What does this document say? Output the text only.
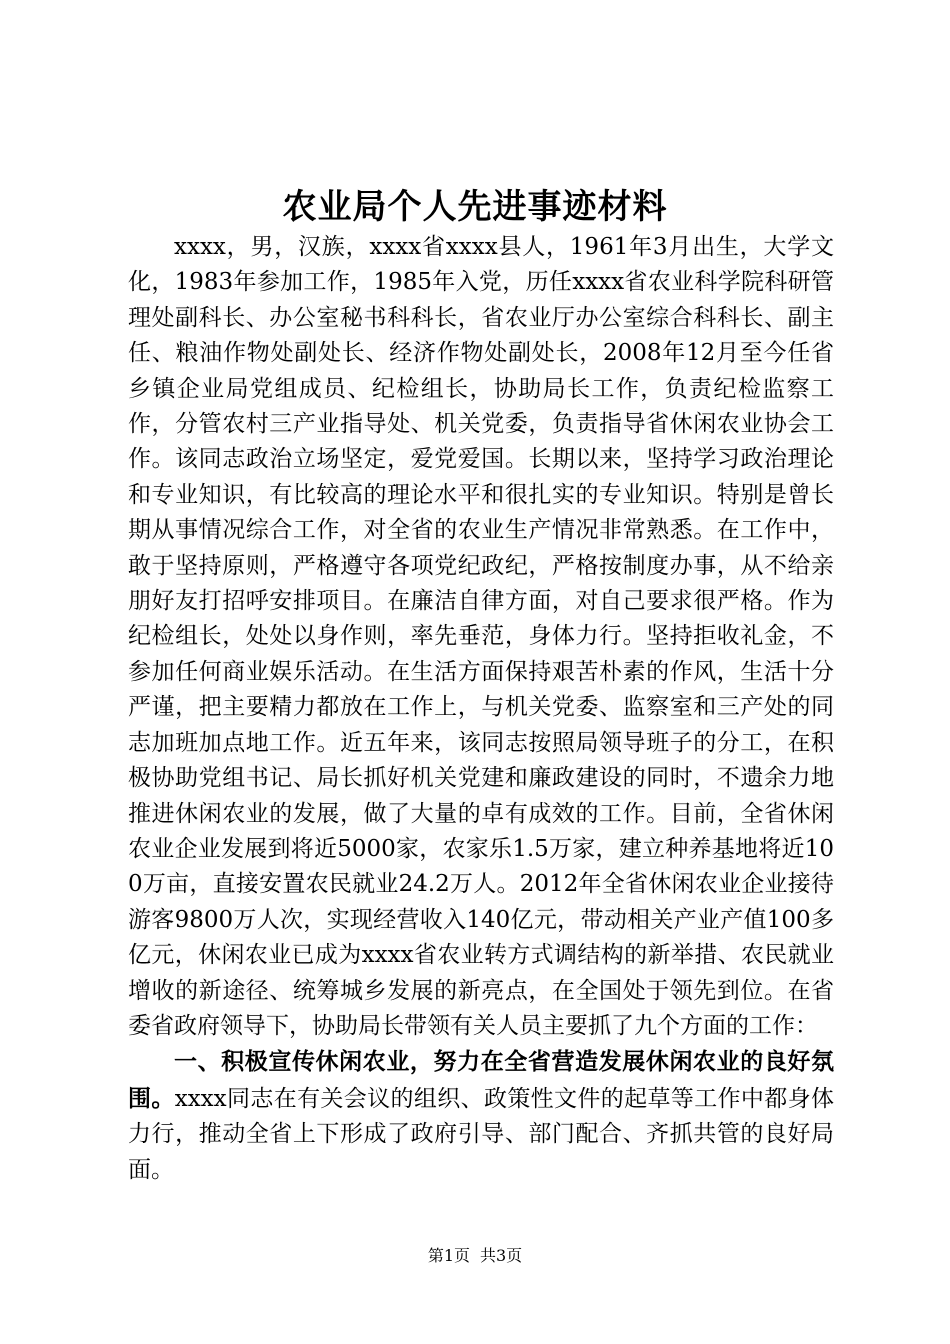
农业局个人先进事迹材料

xxxx，男，汉族，xxxx省xxxx县人，1961年3月出生，大学文化，1983年参加工作，1985年入党，历任xxxx省农业科学院科研管理处副科长、办公室秘书科科长，省农业厅办公室综合科科长、副主任、粮油作物处副处长、经济作物处副处长，2008年12月至今任省乡镇企业局党组成员、纪检组长，协助局长工作，负责纪检监察工作，分管农村三产业指导处、机关党委，负责指导省休闲农业协会工作。该同志政治立场坚定，爱党爱国。长期以来，坚持学习政治理论和专业知识，有比较高的理论水平和很扎实的专业知识。特别是曾长期从事情况综合工作，对全省的农业生产情况非常熟悉。在工作中，敢于坚持原则，严格遵守各项党纪政纪，严格按制度办事，从不给亲朋好友打招呼安排项目。在廉洁自律方面，对自己要求很严格。作为纪检组长，处处以身作则，率先垂范，身体力行。坚持拒收礼金，不参加任何商业娱乐活动。在生活方面保持艰苦朴素的作风，生活十分严谨，把主要精力都放在工作上，与机关党委、监察室和三产处的同志加班加点地工作。近五年来，该同志按照局领导班子的分工，在积极协助党组书记、局长抓好机关党建和廉政建设的同时，不遗余力地推进休闲农业的发展，做了大量的卓有成效的工作。目前，全省休闲农业企业发展到将近5000家，农家乐1.5万家，建立种养基地将近100万亩，直接安置农民就业24.2万人。2012年全省休闲农业企业接待游客9800万人次，实现经营收入140亿元，带动相关产业产值100多亿元，休闲农业已成为xxxx省农业转方式调结构的新举措、农民就业增收的新途径、统筹城乡发展的新亮点，在全国处于领先到位。在省委省政府领导下，协助局长带领有关人员主要抓了九个方面的工作：

一、积极宣传休闲农业，努力在全省营造发展休闲农业的良好氛围。xxxx同志在有关会议的组织、政策性文件的起草等工作中都身体力行，推动全省上下形成了政府引导、部门配合、齐抓共管的良好局面。

第1页 共3页
